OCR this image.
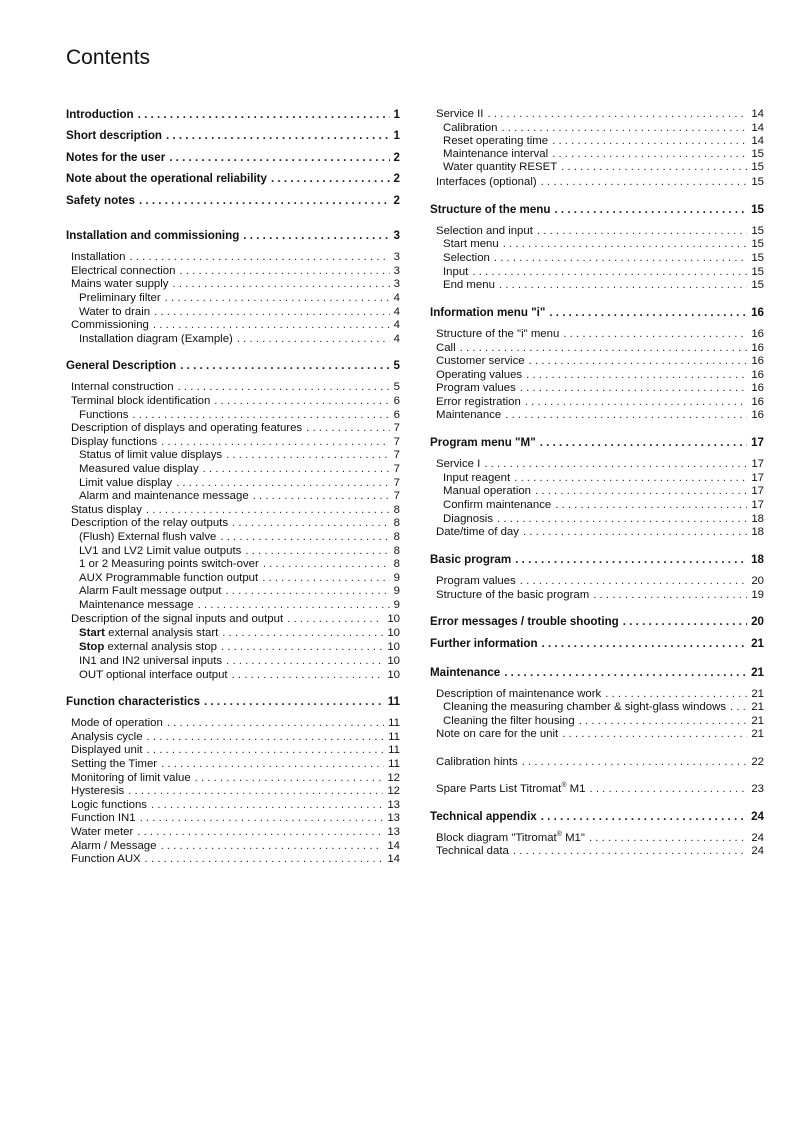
Contents
Introduction . . .	1
Short description . . .	1
Notes for the user . . .	2
Note about the operational reliability . . .	2
Safety notes . . .	2
Installation and commissioning . . .	3
Installation . . .	3
Electrical connection . . .	3
Mains water supply . . .	3
Preliminary filter . . .	4
Water to drain . . .	4
Commissioning . . .	4
Installation diagram (Example) . . .	4
General Description . . .	5
Internal construction . . .	5
Terminal block identification . . .	6
Functions . . .	6
Description of displays and operating features . . .	7
Display functions . . .	7
Status of limit value displays . . .	7
Measured value display . . .	7
Limit value display . . .	7
Alarm and maintenance message . . .	7
Status display . . .	8
Description of the relay outputs . . .	8
(Flush) External flush valve . . .	8
LV1 and LV2 Limit value outputs . . .	8
1 or 2 Measuring points switch-over . . .	8
AUX Programmable function output . . .	9
Alarm Fault message output . . .	9
Maintenance message . . .	9
Description of the signal inputs and output . . .	10
Start external analysis start . . .	10
Stop external analysis stop . . .	10
IN1 and IN2 universal inputs . . .	10
OUT optional interface output . . .	10
Function characteristics . . .	11
Mode of operation . . .	11
Analysis cycle . . .	11
Displayed unit . . .	11
Setting the Timer . . .	11
Monitoring of limit value . . .	12
Hysteresis . . .	12
Logic functions . . .	13
Function IN1 . . .	13
Water meter . . .	13
Alarm / Message . . .	14
Function AUX . . .	14
Service II . . .	14
Calibration . . .	14
Reset operating time . . .	14
Maintenance interval . . .	15
Water quantity RESET . . .	15
Interfaces (optional) . . .	15
Structure of the menu . . .	15
Selection and input . . .	15
Start menu . . .	15
Selection . . .	15
Input . . .	15
End menu . . .	15
Information menu "i" . . .	16
Structure of the "i" menu . . .	16
Call . . .	16
Customer service . . .	16
Operating values . . .	16
Program values . . .	16
Error registration . . .	16
Maintenance . . .	16
Program menu "M" . . .	17
Service I . . .	17
Input reagent . . .	17
Manual operation . . .	17
Confirm maintenance . . .	17
Diagnosis . . .	18
Date/time of day . . .	18
Basic program . . .	18
Program values . . .	20
Structure of the basic program . . .	19
Error messages / trouble shooting . . .	20
Further information . . .	21
Maintenance . . .	21
Description of maintenance work . . .	21
Cleaning the measuring chamber & sight-glass windows . . . 21
Cleaning the filter housing . . .	21
Note on care for the unit . . .	21
Calibration hints . . .	22
Spare Parts List Titromat® M1 . . .	23
Technical appendix . . .	24
Block diagram "Titromat® M1" . . .	24
Technical data . . .	24
